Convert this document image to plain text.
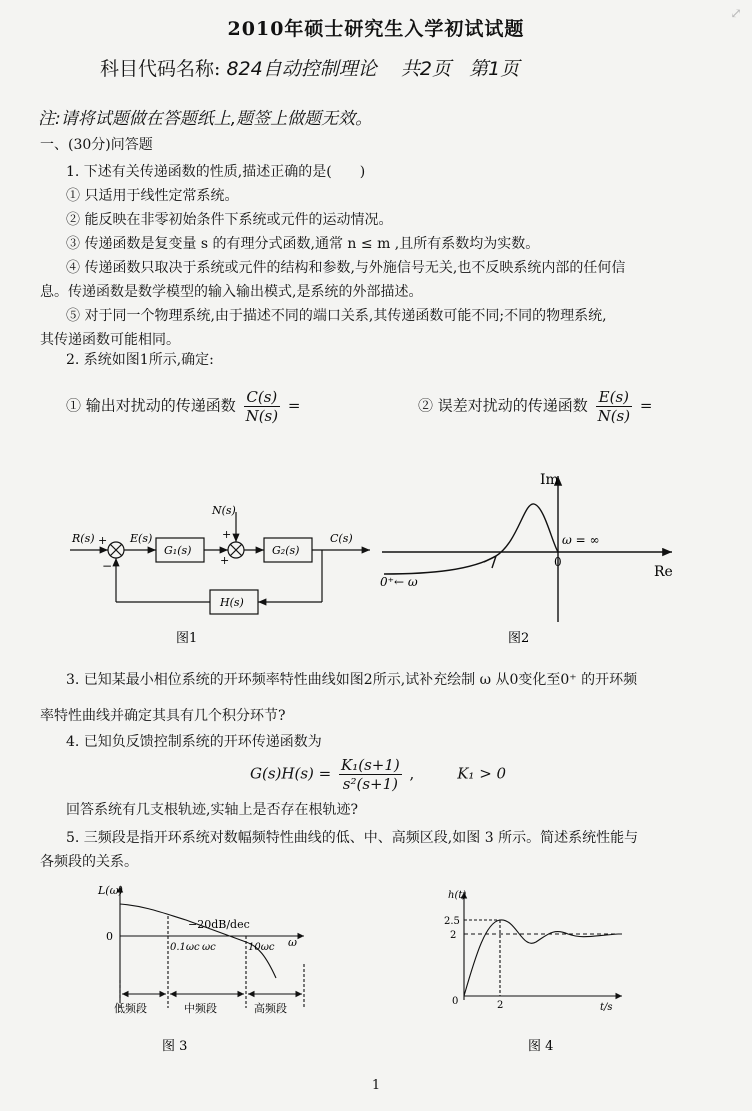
⤢
2010年硕士研究生入学初试试题
科目代码名称: 824自动控制理论 共2页 第1页
注:请将试题做在答题纸上,题签上做题无效。
一、(30分)问答题
1. 下述有关传递函数的性质,描述正确的是(　　)
① 只适用于线性定常系统。
② 能反映在非零初始条件下系统或元件的运动情况。
③ 传递函数是复变量 s 的有理分式函数,通常 n ≤ m ,且所有系数均为实数。
④ 传递函数只取决于系统或元件的结构和参数,与外施信号无关,也不反映系统内部的任何信
息。传递函数是数学模型的输入输出模式,是系统的外部描述。
⑤ 对于同一个物理系统,由于描述不同的端口关系,其传递函数可能不同;不同的物理系统,
其传递函数可能相同。
2. 系统如图1所示,确定:
① 输出对扰动的传递函数 $\frac{C(s)}{N(s)}$ =	② 误差对扰动的传递函数 $\frac{E(s)}{N(s)}$ =
R(s) +
−
E(s)
G₁(s)
N(s)
+
+
G₂(s)
C(s)
H(s)
图1
Im
Re
0
ω = ∞
0⁺← ω
图2
3. 已知某最小相位系统的开环频率特性曲线如图2所示,试补充绘制 ω 从0变化至0⁺ 的开环频
率特性曲线并确定其具有几个积分环节?
4. 已知负反馈控制系统的开环传递函数为
$G(s)H(s) = \frac{\text{K₁(s+1)}}{\text{s²(s+1)}}$ ,         K₁ > 0
回答系统有几支根轨迹,实轴上是否存在根轨迹?
5. 三频段是指开环系统对数幅频特性曲线的低、中、高频区段,如图 3 所示。简述系统性能与
各频段的关系。
L(ω)
0
−20dB/dec
0.1ωc ωc	10ωc ω
低频段	中频段	高频段
图 3
h(t)
2.5
2
0	2	t/s
图 4
1
